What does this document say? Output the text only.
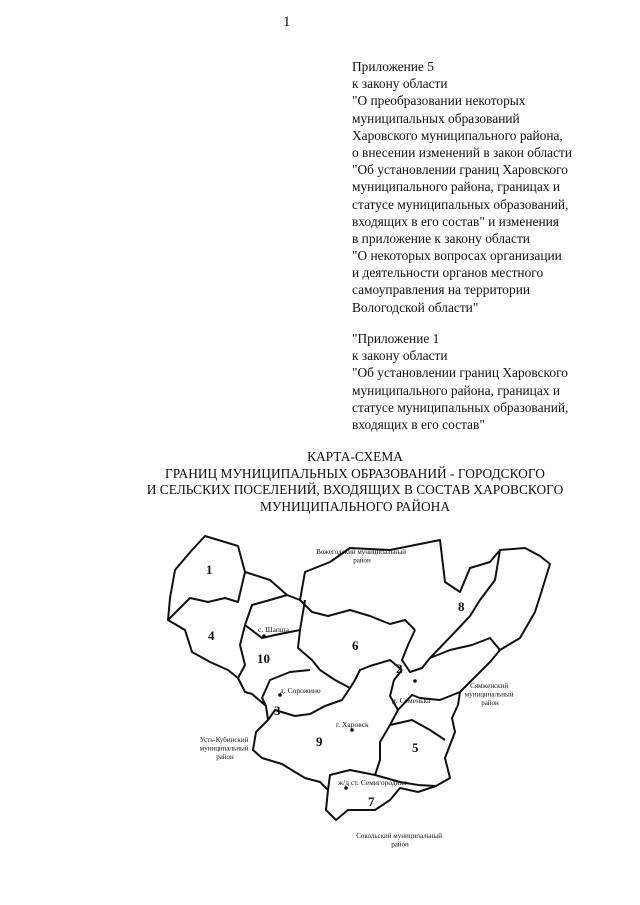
1
Приложение 5
к закону области
"О преобразовании некоторых
муниципальных образований
Харовского муниципального района,
о внесении изменений в закон области
"Об установлении границ Харовского
муниципального района, границах и
статусе муниципальных образований,
входящих в его состав" и изменения
в приложение к закону области
"О некоторых вопросах организации
и деятельности органов местного
самоуправления на территории
Вологодской области"
"Приложение 1
к закону области
"Об установлении границ Харовского
муниципального района, границах и
статусе муниципальных образований,
входящих в его состав"
КАРТА-СХЕМА
ГРАНИЦ МУНИЦИПАЛЬНЫХ ОБРАЗОВАНИЙ - ГОРОДСКОГО
И СЕЛЬСКИХ ПОСЕЛЕНИЙ, ВХОДЯЩИХ В СОСТАВ ХАРОВСКОГО
МУНИЦИПАЛЬНОГО РАЙОНА
1
2
3
4
5
6
7
8
9
10
с. Шапша
д. Сорожино
д. Семенька
г. Харовск
ж/д ст. Семигородняя
Вожегодский муниципальный район
Сямженский муниципальный район
Усть-Кубинский муниципальный район
Сокольский муниципальный район
